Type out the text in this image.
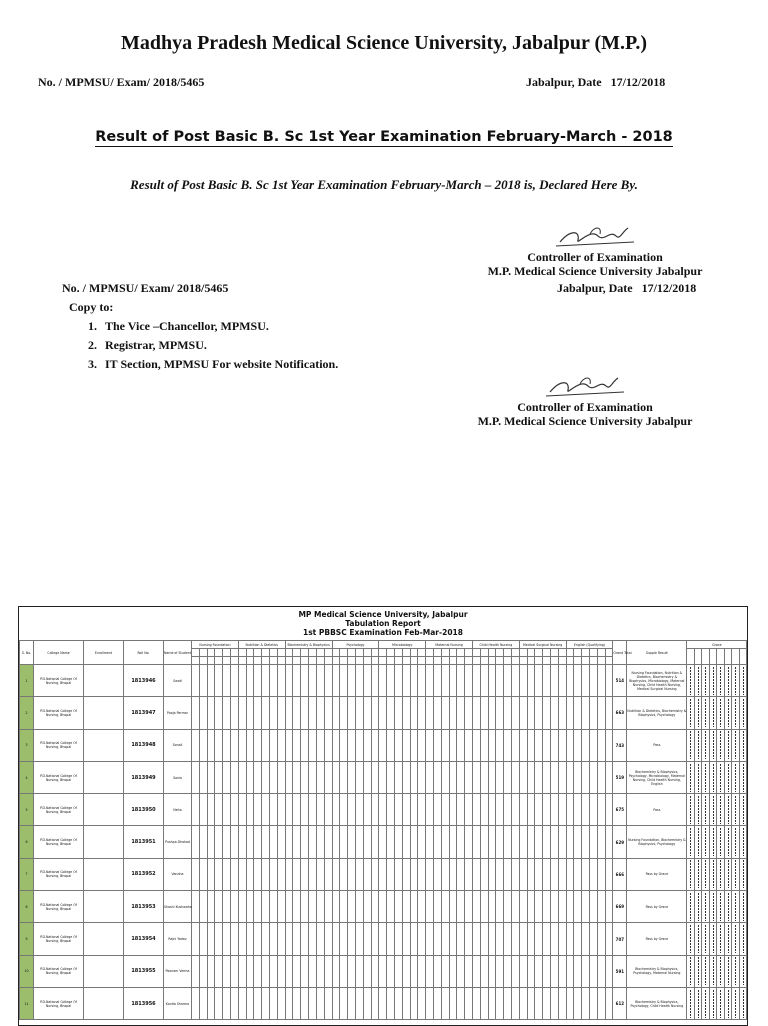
Madhya Pradesh Medical Science University, Jabalpur (M.P.)
No. / MPMSU/ Exam/ 2018/5465	Jabalpur, Date   17/12/2018
Result of Post Basic B. Sc 1st Year Examination February-March - 2018
Result of Post Basic B. Sc 1st Year Examination February-March – 2018 is, Declared Here By.
Controller of Examination
M.P. Medical Science University Jabalpur
No. / MPMSU/ Exam/ 2018/5465	Jabalpur, Date   17/12/2018
Copy to:
1. The Vice –Chancellor, MPMSU.
2. Registrar, MPMSU.
3. IT Section, MPMSU For website Notification.
Controller of Examination
M.P. Medical Science University Jabalpur
MP Medical Science University, Jabalpur
Tabulation Report
1st PBBSC Examination Feb-Mar-2018
S. No.	College Name	Enrollment	Roll No.	Name of Student	Nursing Foundation	Nutrition & Dietetics	Biochemistry & Biophysics	Psychology	Microbiology	Maternal Nursing	Child Health Nursing	Medical Surgical Nursing	English (Qualifying)	Grand Total	Supple Result	Grace

1	P.D.National College Of Nursing, Bhopal		1813946	Swati																																																							514	Nursing Foundation, Nutrition & Dietetics, Biochemistry & Biophysics, Microbiology, Maternal Nursing, Child Health Nursing, Medical Surgical Nursing	

2	P.D.National College Of Nursing, Bhopal		1813947	Pooja Parmar																																																							663	Nutrition & Dietetics, Biochemistry & Biophysics, Psychology	

3	P.D.National College Of Nursing, Bhopal		1813948	Sonali																																																							743	Pass	

4	P.D.National College Of Nursing, Bhopal		1813949	Sonia																																																							519	Biochemistry & Biophysics, Psychology, Microbiology, Maternal Nursing, Child Health Nursing, English	

5	P.D.National College Of Nursing, Bhopal		1813950	Neha																																																							675	Pass	

6	P.D.National College Of Nursing, Bhopal		1813951	Pushpa Dhakad																																																							629	Nursing Foundation, Biochemistry & Biophysics, Psychology	

7	P.D.National College Of Nursing, Bhopal		1813952	Vandna																																																							666	Pass by Grace	

8	P.D.National College Of Nursing, Bhopal		1813953	Shashi Kushwaha																																																							669	Pass by Grace	

9	P.D.National College Of Nursing, Bhopal		1813954	Rajni Yadav																																																							707	Pass by Grace	

10	P.D.National College Of Nursing, Bhopal		1813955	Poonam Verma																																																							591	Biochemistry & Biophysics, Psychology, Maternal Nursing	

11	P.D.National College Of Nursing, Bhopal		1813956	Kavita Sharma																																																							612	Biochemistry & Biophysics, Psychology, Child Health Nursing	
